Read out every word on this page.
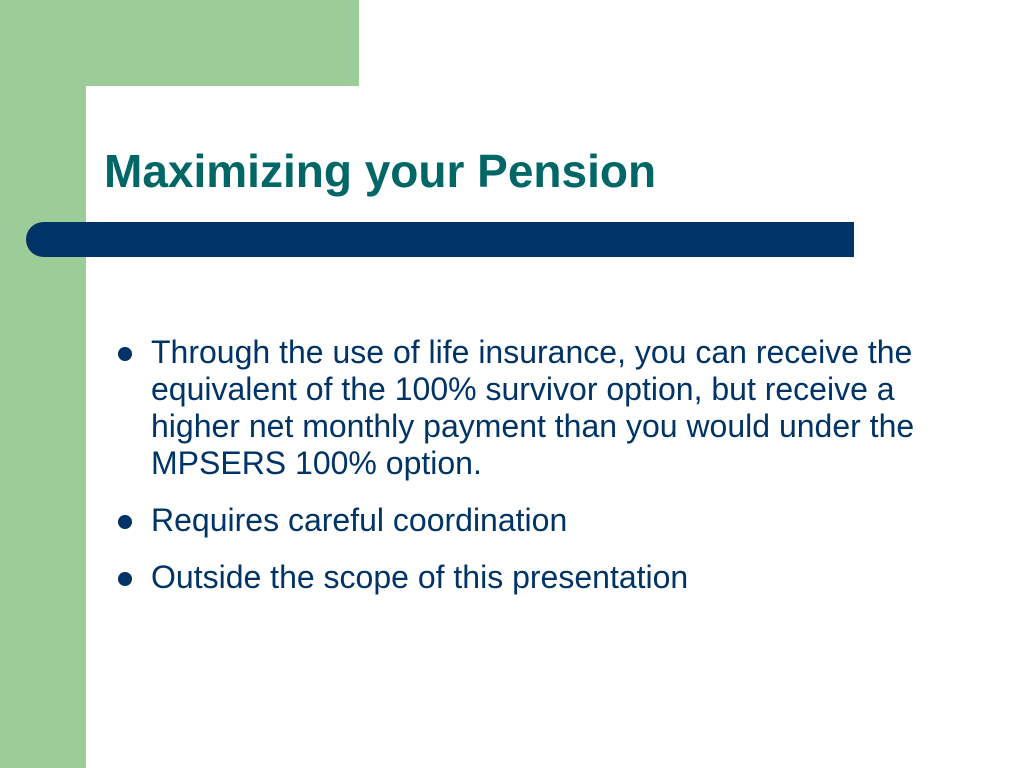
Maximizing your Pension
Through the use of life insurance, you can receive the equivalent of the 100% survivor option, but receive a higher net monthly payment than you would under the MPSERS 100% option.
Requires careful coordination
Outside the scope of this presentation
